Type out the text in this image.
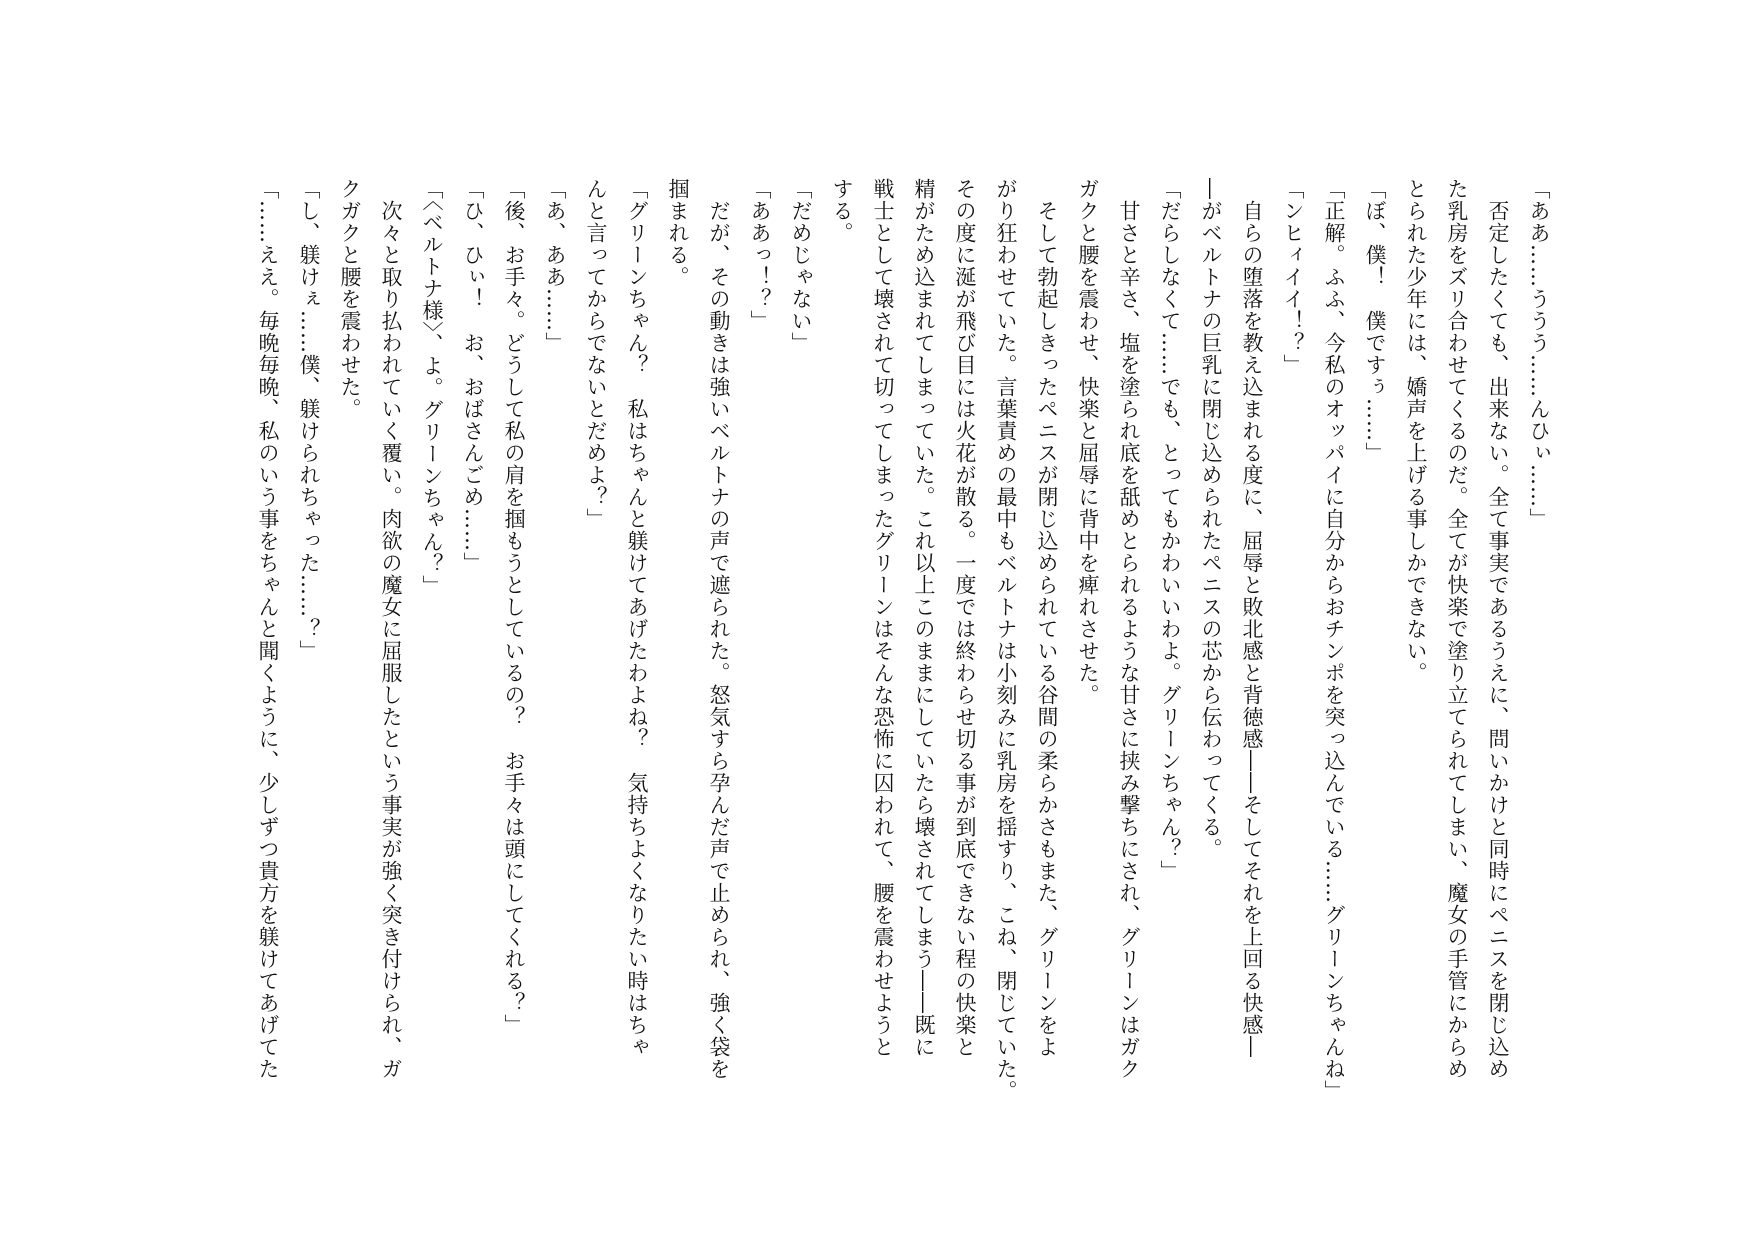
「ああ……ううう……んひぃ……」

　否定したくても、出来ない。全て事実であるうえに、問いかけと同時にペニスを閉じ込め

た乳房をズリ合わせてくるのだ。全てが快楽で塗り立てられてしまい、魔女の手管にからめ

とられた少年には、嬌声を上げる事しかできない。

「ぼ、僕！　僕ですぅ……」

「正解。ふふ、今私のオッパイに自分からおチンポを突っ込んでいる……グリーンちゃんね」

「ンヒィイイ！？」

　自らの堕落を教え込まれる度に、屈辱と敗北感と背徳感――そしてそれを上回る快感―

―がベルトナの巨乳に閉じ込められたペニスの芯から伝わってくる。

「だらしなくて……でも、とってもかわいいわよ。グリーンちゃん？」

　甘さと辛さ、塩を塗られ底を舐めとられるような甘さに挟み撃ちにされ、グリーンはガク

ガクと腰を震わせ、快楽と屈辱に背中を痺れさせた。

　そして勃起しきったペニスが閉じ込められている谷間の柔らかさもまた、グリーンをよ

がり狂わせていた。言葉責めの最中もベルトナは小刻みに乳房を揺すり、こね、閉じていた。

その度に涎が飛び目には火花が散る。一度では終わらせ切る事が到底できない程の快楽と

精がため込まれてしまっていた。これ以上このままにしていたら壊されてしまう――既に

戦士として壊されて切ってしまったグリーンはそんな恐怖に囚われて、腰を震わせようと

する。

「だめじゃない」

「ああっ！？」

　だが、その動きは強いベルトナの声で遮られた。怒気すら孕んだ声で止められ、強く袋を

掴まれる。

「グリーンちゃん？　私はちゃんと躾けてあげたわよね？　気持ちよくなりたい時はちゃ

んと言ってからでないとだめよ？」

「あ、ああ……」

「後、お手々。どうして私の肩を掴もうとしているの？　お手々は頭にしてくれる？」

「ひ、ひぃ！　お、おばさんごめ……」

「〈ベルトナ様〉、よ。グリーンちゃん？」

　次々と取り払われていく覆い。肉欲の魔女に屈服したという事実が強く突き付けられ、ガ

クガクと腰を震わせた。

「し、躾けぇ……僕、躾けられちゃった……？」

「……ええ。毎晩毎晩、私のいう事をちゃんと聞くように、少しずつ貴方を躾けてあげてた
